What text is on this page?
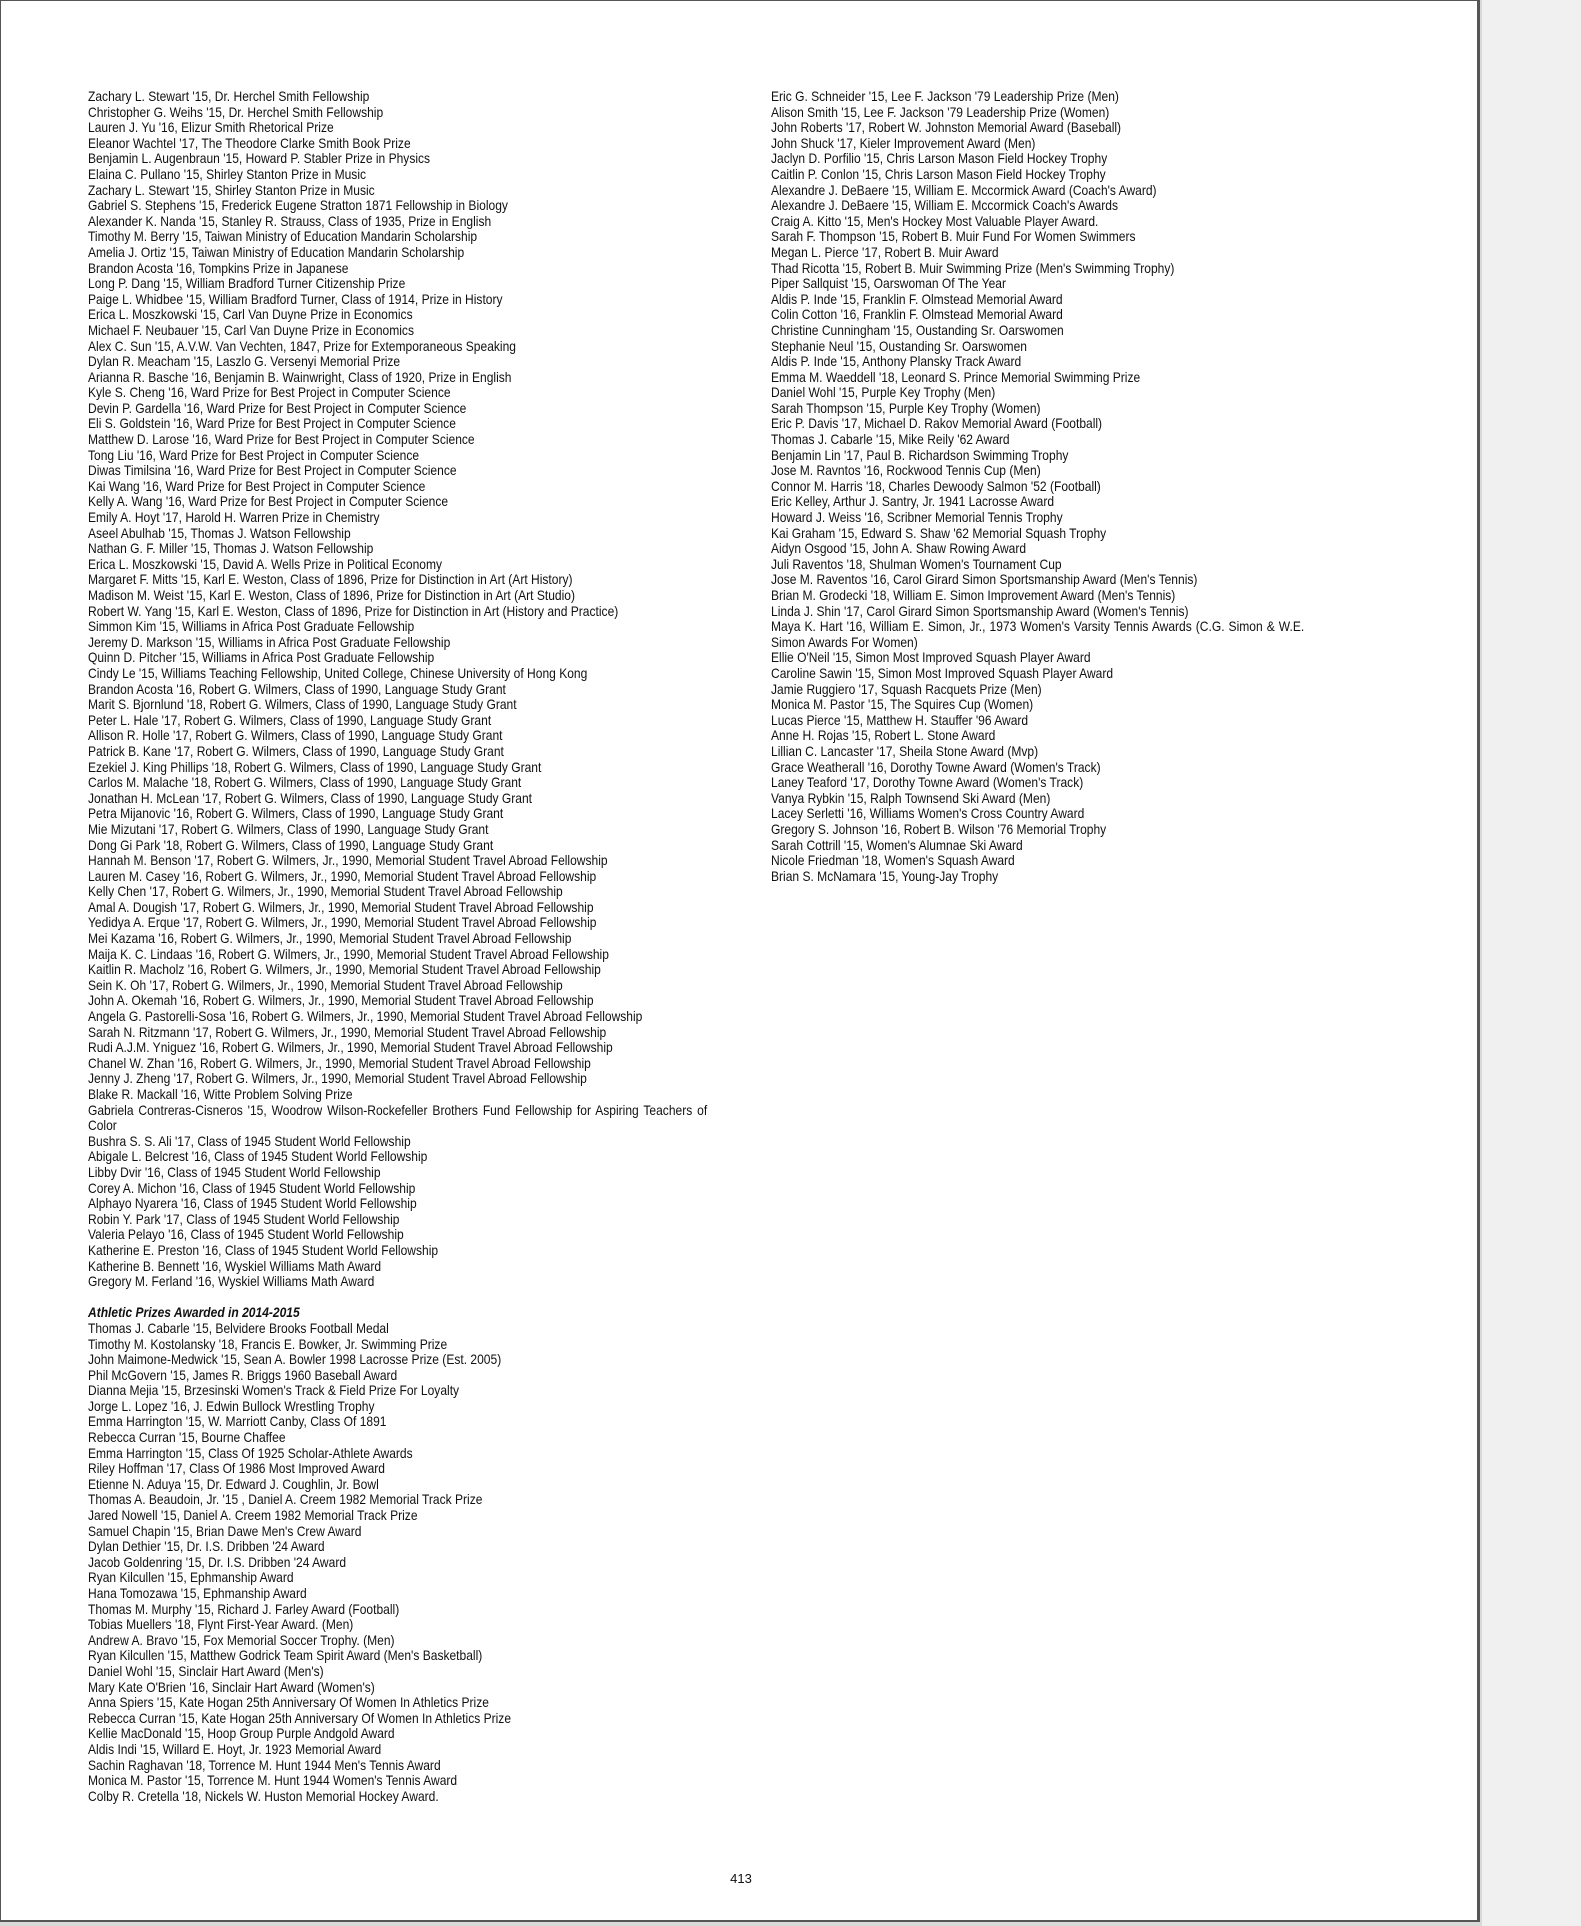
Zachary L. Stewart '15, Dr. Herchel Smith Fellowship
Christopher G. Weihs '15, Dr. Herchel Smith Fellowship
Lauren J. Yu '16, Elizur Smith Rhetorical Prize
Eleanor Wachtel '17, The Theodore Clarke Smith Book Prize
Benjamin L. Augenbraun '15, Howard P. Stabler Prize in Physics
Elaina C. Pullano '15, Shirley Stanton Prize in Music
Zachary L. Stewart '15, Shirley Stanton Prize in Music
Gabriel S. Stephens '15, Frederick Eugene Stratton 1871 Fellowship in Biology
Alexander K. Nanda '15, Stanley R. Strauss, Class of 1935, Prize in English
Timothy M. Berry '15, Taiwan Ministry of Education Mandarin Scholarship
Amelia J. Ortiz '15, Taiwan Ministry of Education Mandarin Scholarship
Brandon Acosta '16, Tompkins Prize in Japanese
Long P. Dang '15, William Bradford Turner Citizenship Prize
Paige L. Whidbee '15, William Bradford Turner, Class of 1914, Prize in History
Erica L. Moszkowski '15, Carl Van Duyne Prize in Economics
Michael F. Neubauer '15, Carl Van Duyne Prize in Economics
Alex C. Sun '15, A.V.W. Van Vechten, 1847, Prize for Extemporaneous Speaking
Dylan R. Meacham '15, Laszlo G. Versenyi Memorial Prize
Arianna R. Basche '16, Benjamin B. Wainwright, Class of 1920, Prize in English
Kyle S. Cheng '16, Ward Prize for Best Project in Computer Science
Devin P. Gardella '16, Ward Prize for Best Project in Computer Science
Eli S. Goldstein '16, Ward Prize for Best Project in Computer Science
Matthew D. Larose '16, Ward Prize for Best Project in Computer Science
Tong Liu '16, Ward Prize for Best Project in Computer Science
Diwas Timilsina '16, Ward Prize for Best Project in Computer Science
Kai Wang '16, Ward Prize for Best Project in Computer Science
Kelly A. Wang '16, Ward Prize for Best Project in Computer Science
Emily A. Hoyt '17, Harold H. Warren Prize in Chemistry
Aseel Abulhab '15, Thomas J. Watson Fellowship
Nathan G. F. Miller '15, Thomas J. Watson Fellowship
Erica L. Moszkowski '15, David A. Wells Prize in Political Economy
Margaret F. Mitts '15, Karl E. Weston, Class of 1896, Prize for Distinction in Art (Art History)
Madison M. Weist '15, Karl E. Weston, Class of 1896, Prize for Distinction in Art (Art Studio)
Robert W. Yang '15, Karl E. Weston, Class of 1896, Prize for Distinction in Art (History and Practice)
Simmon Kim '15, Williams in Africa Post Graduate Fellowship
Jeremy D. Markson '15, Williams in Africa Post Graduate Fellowship
Quinn D. Pitcher '15, Williams in Africa Post Graduate Fellowship
Cindy Le '15, Williams Teaching Fellowship, United College, Chinese University of Hong Kong
Brandon Acosta '16, Robert G. Wilmers, Class of 1990, Language Study Grant
Marit S. Bjornlund '18, Robert G. Wilmers, Class of 1990, Language Study Grant
Peter L. Hale '17, Robert G. Wilmers, Class of 1990, Language Study Grant
Allison R. Holle '17, Robert G. Wilmers, Class of 1990, Language Study Grant
Patrick B. Kane '17, Robert G. Wilmers, Class of 1990, Language Study Grant
Ezekiel J. King Phillips '18, Robert G. Wilmers, Class of 1990, Language Study Grant
Carlos M. Malache '18, Robert G. Wilmers, Class of 1990, Language Study Grant
Jonathan H. McLean '17, Robert G. Wilmers, Class of 1990, Language Study Grant
Petra Mijanovic '16, Robert G. Wilmers, Class of 1990, Language Study Grant
Mie Mizutani '17, Robert G. Wilmers, Class of 1990, Language Study Grant
Dong Gi Park '18, Robert G. Wilmers, Class of 1990, Language Study Grant
Hannah M. Benson '17, Robert G. Wilmers, Jr., 1990, Memorial Student Travel Abroad Fellowship
Lauren M. Casey '16, Robert G. Wilmers, Jr., 1990, Memorial Student Travel Abroad Fellowship
Kelly Chen '17, Robert G. Wilmers, Jr., 1990, Memorial Student Travel Abroad Fellowship
Amal A. Dougish '17, Robert G. Wilmers, Jr., 1990, Memorial Student Travel Abroad Fellowship
Yedidya A. Erque '17, Robert G. Wilmers, Jr., 1990, Memorial Student Travel Abroad Fellowship
Mei Kazama '16, Robert G. Wilmers, Jr., 1990, Memorial Student Travel Abroad Fellowship
Maija K. C. Lindaas '16, Robert G. Wilmers, Jr., 1990, Memorial Student Travel Abroad Fellowship
Kaitlin R. Macholz '16, Robert G. Wilmers, Jr., 1990, Memorial Student Travel Abroad Fellowship
Sein K. Oh '17, Robert G. Wilmers, Jr., 1990, Memorial Student Travel Abroad Fellowship
John A. Okemah '16, Robert G. Wilmers, Jr., 1990, Memorial Student Travel Abroad Fellowship
Angela G. Pastorelli-Sosa '16, Robert G. Wilmers, Jr., 1990, Memorial Student Travel Abroad Fellowship
Sarah N. Ritzmann '17, Robert G. Wilmers, Jr., 1990, Memorial Student Travel Abroad Fellowship
Rudi A.J.M. Yniguez '16, Robert G. Wilmers, Jr., 1990, Memorial Student Travel Abroad Fellowship
Chanel W. Zhan '16, Robert G. Wilmers, Jr., 1990, Memorial Student Travel Abroad Fellowship
Jenny J. Zheng '17, Robert G. Wilmers, Jr., 1990, Memorial Student Travel Abroad Fellowship
Blake R. Mackall '16, Witte Problem Solving Prize
Gabriela Contreras-Cisneros '15, Woodrow Wilson-Rockefeller Brothers Fund Fellowship for Aspiring Teachers of Color
Bushra S. S. Ali '17, Class of 1945 Student World Fellowship
Abigale L. Belcrest '16, Class of 1945 Student World Fellowship
Libby Dvir '16, Class of 1945 Student World Fellowship
Corey A. Michon '16, Class of 1945 Student World Fellowship
Alphayo Nyarera '16, Class of 1945 Student World Fellowship
Robin Y. Park '17, Class of 1945 Student World Fellowship
Valeria Pelayo '16, Class of 1945 Student World Fellowship
Katherine E. Preston '16, Class of 1945 Student World Fellowship
Katherine B. Bennett '16, Wyskiel Williams Math Award
Gregory M. Ferland '16, Wyskiel Williams Math Award
Athletic Prizes Awarded in 2014-2015
Thomas J. Cabarle '15, Belvidere Brooks Football Medal
Timothy M. Kostolansky '18, Francis E. Bowker, Jr. Swimming Prize
John Maimone-Medwick '15, Sean A. Bowler 1998 Lacrosse Prize (Est. 2005)
Phil McGovern '15, James R. Briggs 1960 Baseball Award
Dianna Mejia '15, Brzesinski Women's Track & Field Prize For Loyalty
Jorge L. Lopez '16, J. Edwin Bullock Wrestling Trophy
Emma Harrington '15, W. Marriott Canby, Class Of 1891
Rebecca Curran '15, Bourne Chaffee
Emma Harrington '15, Class Of 1925 Scholar-Athlete Awards
Riley Hoffman '17, Class Of 1986 Most Improved Award
Etienne N. Aduya '15, Dr. Edward J. Coughlin, Jr. Bowl
Thomas A. Beaudoin, Jr. '15 , Daniel A. Creem 1982 Memorial Track Prize
Jared Nowell '15, Daniel A. Creem 1982 Memorial Track Prize
Samuel Chapin '15, Brian Dawe Men's Crew Award
Dylan Dethier '15, Dr. I.S. Dribben '24 Award
Jacob Goldenring '15, Dr. I.S. Dribben '24 Award
Ryan Kilcullen '15, Ephmanship Award
Hana Tomozawa '15, Ephmanship Award
Thomas M. Murphy '15, Richard J. Farley Award (Football)
Tobias Muellers '18, Flynt First-Year Award. (Men)
Andrew A. Bravo '15, Fox Memorial Soccer Trophy. (Men)
Ryan Kilcullen '15, Matthew Godrick Team Spirit Award (Men's Basketball)
Daniel Wohl '15, Sinclair Hart Award (Men's)
Mary Kate O'Brien '16, Sinclair Hart Award (Women's)
Anna Spiers '15, Kate Hogan 25th Anniversary Of Women In Athletics Prize
Rebecca Curran '15, Kate Hogan 25th Anniversary Of Women In Athletics Prize
Kellie MacDonald '15, Hoop Group Purple Andgold Award
Aldis Indi '15, Willard E. Hoyt, Jr. 1923 Memorial Award
Sachin Raghavan '18, Torrence M. Hunt 1944 Men's Tennis Award
Monica M. Pastor '15, Torrence M. Hunt 1944 Women's Tennis Award
Colby R. Cretella '18, Nickels W. Huston Memorial Hockey Award.
Eric G. Schneider '15, Lee F. Jackson '79 Leadership Prize (Men)
Alison Smith '15, Lee F. Jackson '79 Leadership Prize (Women)
John Roberts '17, Robert W. Johnston Memorial Award (Baseball)
John Shuck '17, Kieler Improvement Award (Men)
Jaclyn D. Porfilio '15, Chris Larson Mason Field Hockey Trophy
Caitlin P. Conlon '15, Chris Larson Mason Field Hockey Trophy
Alexandre J. DeBaere '15, William E. Mccormick Award (Coach's Award)
Alexandre J. DeBaere '15, William E. Mccormick Coach's Awards
Craig A. Kitto '15, Men's Hockey Most Valuable Player Award.
Sarah F. Thompson '15, Robert B. Muir Fund For Women Swimmers
Megan L. Pierce '17, Robert B. Muir Award
Thad Ricotta '15, Robert B. Muir Swimming Prize (Men's Swimming Trophy)
Piper Sallquist '15, Oarswoman Of The Year
Aldis P. Inde '15, Franklin F. Olmstead Memorial Award
Colin Cotton '16, Franklin F. Olmstead Memorial Award
Christine Cunningham '15, Oustanding Sr. Oarswomen
Stephanie Neul '15, Oustanding Sr. Oarswomen
Aldis P. Inde '15, Anthony Plansky Track Award
Emma M. Waeddell '18, Leonard S. Prince Memorial Swimming Prize
Daniel Wohl '15, Purple Key Trophy (Men)
Sarah Thompson '15, Purple Key Trophy (Women)
Eric P. Davis '17, Michael D. Rakov Memorial Award (Football)
Thomas J. Cabarle '15, Mike Reily '62 Award
Benjamin Lin '17, Paul B. Richardson Swimming Trophy
Jose M. Ravntos '16, Rockwood Tennis Cup (Men)
Connor M. Harris '18, Charles Dewoody Salmon '52 (Football)
Eric Kelley, Arthur J. Santry, Jr. 1941 Lacrosse Award
Howard J. Weiss '16, Scribner Memorial Tennis Trophy
Kai Graham '15, Edward S. Shaw '62 Memorial Squash Trophy
Aidyn Osgood '15, John A. Shaw Rowing Award
Juli Raventos '18, Shulman Women's Tournament Cup
Jose M. Raventos '16, Carol Girard Simon Sportsmanship Award (Men's Tennis)
Brian M. Grodecki '18, William E. Simon Improvement Award (Men's Tennis)
Linda J. Shin '17, Carol Girard Simon Sportsmanship Award (Women's Tennis)
Maya K. Hart '16, William E. Simon, Jr., 1973 Women's Varsity Tennis Awards (C.G. Simon & W.E. Simon Awards For Women)
Ellie O'Neil '15, Simon Most Improved Squash Player Award
Caroline Sawin '15, Simon Most Improved Squash Player Award
Jamie Ruggiero '17, Squash Racquets Prize (Men)
Monica M. Pastor '15, The Squires Cup (Women)
Lucas Pierce '15, Matthew H. Stauffer '96 Award
Anne H. Rojas '15, Robert L. Stone Award
Lillian C. Lancaster '17, Sheila Stone Award (Mvp)
Grace Weatherall '16, Dorothy Towne Award (Women's Track)
Laney Teaford '17, Dorothy Towne Award (Women's Track)
Vanya Rybkin '15, Ralph Townsend Ski Award (Men)
Lacey Serletti '16, Williams Women's Cross Country Award
Gregory S. Johnson '16, Robert B. Wilson '76 Memorial Trophy
Sarah Cottrill '15, Women's Alumnae Ski Award
Nicole Friedman '18, Women's Squash Award
Brian S. McNamara '15, Young-Jay Trophy
413
